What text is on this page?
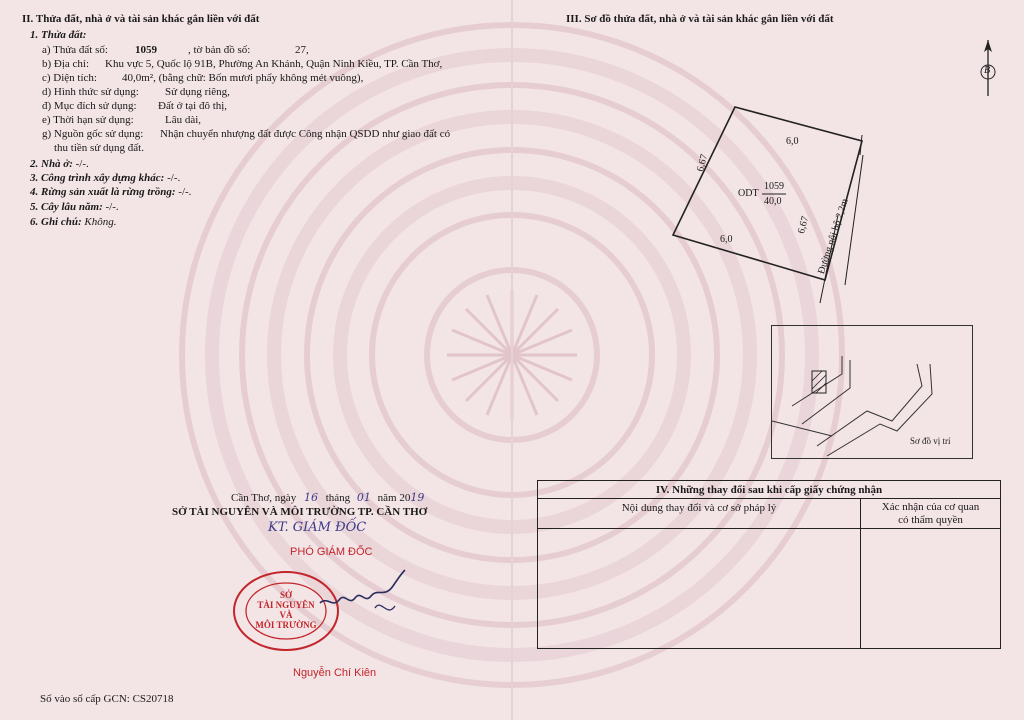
II. Thửa đất, nhà ở và tài sản khác gắn liền với đất
1. Thửa đất:
a) Thửa đất số: 1059	, tờ bản đồ số:	27,
b) Địa chỉ: Khu vực 5, Quốc lộ 91B, Phường An Khánh, Quận Ninh Kiều, TP. Cần Thơ,
c) Diện tích: 40,0m², (bằng chữ: Bốn mươi phẩy không mét vuông),
d) Hình thức sử dụng: Sử dụng riêng,
đ) Mục đích sử dụng: Đất ở tại đô thị,
e) Thời hạn sử dụng:	Lâu dài,
g) Nguồn gốc sử dụng: Nhận chuyển nhượng đất được Công nhận QSDD như giao đất có
thu tiền sử dụng đất.
2. Nhà ở: -/-.
3. Công trình xây dựng khác: -/-.
4. Rừng sản xuất là rừng trồng: -/-.
5. Cây lâu năm: -/-.
6. Ghi chú: Không.
III. Sơ đồ thửa đất, nhà ở và tài sản khác gắn liền với đất
B
6,0
6,67
6,0
6,67
ODT
1059
40,0	Đường nội bộ 2,2m
Sơ đồ vị trí
IV. Những thay đổi sau khi cấp giấy chứng nhận	
Nội dung thay đổi và cơ sở pháp lý	Xác nhận của cơ quan
có thẩm quyền

Cần Thơ, ngày 16 tháng 01 năm 2019
SỞ TÀI NGUYÊN VÀ MÔI TRƯỜNG TP. CẦN THƠ
KT. GIÁM ĐỐC
PHÓ GIÁM ĐỐC
SỞ
TÀI NGUYÊN
VÀ
MÔI TRƯỜNG
Nguyễn Chí Kiên
Số vào sổ cấp GCN: CS20718
